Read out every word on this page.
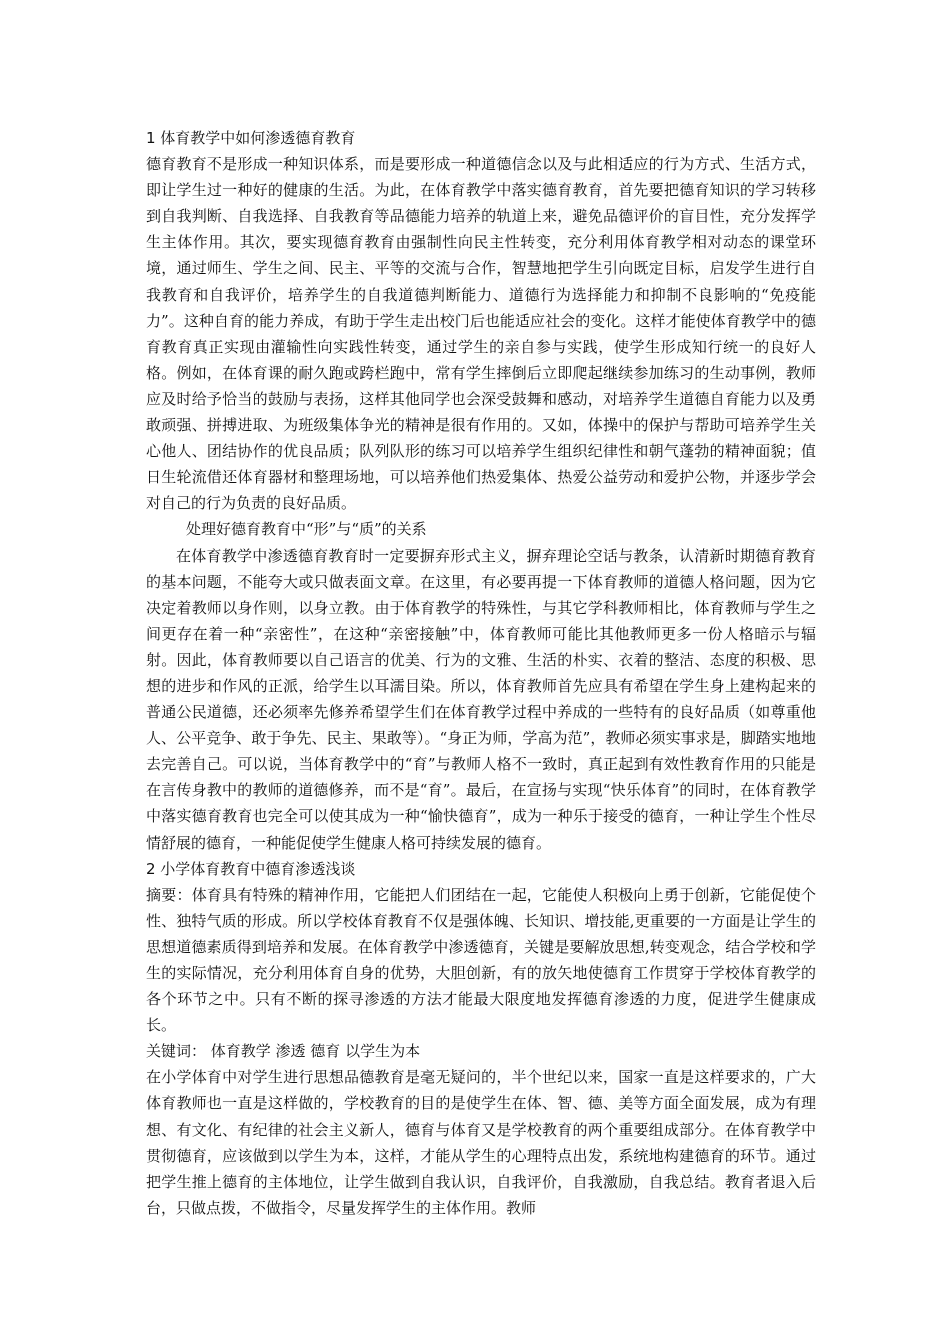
1 体育教学中如何渗透德育教育

德育教育不是形成一种知识体系，而是要形成一种道德信念以及与此相适应的行为方式、生活方式，即让学生过一种好的健康的生活。为此，在体育教学中落实德育教育，首先要把德育知识的学习转移到自我判断、自我选择、自我教育等品德能力培养的轨道上来，避免品德评价的盲目性，充分发挥学生主体作用。其次，要实现德育教育由强制性向民主性转变，充分利用体育教学相对动态的课堂环境，通过师生、学生之间、民主、平等的交流与合作，智慧地把学生引向既定目标，启发学生进行自我教育和自我评价，培养学生的自我道德判断能力、道德行为选择能力和抑制不良影响的“免疫能力”。这种自育的能力养成，有助于学生走出校门后也能适应社会的变化。这样才能使体育教学中的德育教育真正实现由灌输性向实践性转变，通过学生的亲自参与实践，使学生形成知行统一的良好人格。例如，在体育课的耐久跑或跨栏跑中，常有学生摔倒后立即爬起继续参加练习的生动事例，教师应及时给予恰当的鼓励与表扬，这样其他同学也会深受鼓舞和感动，对培养学生道德自育能力以及勇敢顽强、拼搏进取、为班级集体争光的精神是很有作用的。又如，体操中的保护与帮助可培养学生关心他人、团结协作的优良品质；队列队形的练习可以培养学生组织纪律性和朝气蓬勃的精神面貌；值日生轮流借还体育器材和整理场地，可以培养他们热爱集体、热爱公益劳动和爱护公物，并逐步学会对自己的行为负责的良好品质。

处理好德育教育中“形”与“质”的关系

在体育教学中渗透德育教育时一定要摒弃形式主义，摒弃理论空话与教条，认清新时期德育教育的基本问题，不能夸大或只做表面文章。在这里，有必要再提一下体育教师的道德人格问题，因为它决定着教师以身作则，以身立教。由于体育教学的特殊性，与其它学科教师相比，体育教师与学生之间更存在着一种“亲密性”，在这种“亲密接触”中，体育教师可能比其他教师更多一份人格暗示与辐射。因此，体育教师要以自己语言的优美、行为的文雅、生活的朴实、衣着的整洁、态度的积极、思想的进步和作风的正派，给学生以耳濡目染。所以，体育教师首先应具有希望在学生身上建构起来的普通公民道德，还必须率先修养希望学生们在体育教学过程中养成的一些特有的良好品质（如尊重他人、公平竞争、敢于争先、民主、果敢等）。“身正为师，学高为范”，教师必须实事求是，脚踏实地地去完善自己。可以说，当体育教学中的“育”与教师人格不一致时，真正起到有效性教育作用的只能是在言传身教中的教师的道德修养，而不是“育”。最后，在宣扬与实现“快乐体育”的同时，在体育教学中落实德育教育也完全可以使其成为一种“愉快德育”，成为一种乐于接受的德育，一种让学生个性尽情舒展的德育，一种能促使学生健康人格可持续发展的德育。

2 小学体育教育中德育渗透浅谈

摘要：体育具有特殊的精神作用，它能把人们团结在一起，它能使人积极向上勇于创新，它能促使个性、独特气质的形成。所以学校体育教育不仅是强体魄、长知识、增技能,更重要的一方面是让学生的思想道德素质得到培养和发展。在体育教学中渗透德育，关键是要解放思想,转变观念，结合学校和学生的实际情况，充分利用体育自身的优势，大胆创新，有的放矢地使德育工作贯穿于学校体育教学的各个环节之中。只有不断的探寻渗透的方法才能最大限度地发挥德育渗透的力度，促进学生健康成长。

关键词： 体育教学 渗透 德育 以学生为本

在小学体育中对学生进行思想品德教育是毫无疑问的，半个世纪以来，国家一直是这样要求的，广大体育教师也一直是这样做的，学校教育的目的是使学生在体、智、德、美等方面全面发展，成为有理想、有文化、有纪律的社会主义新人，德育与体育又是学校教育的两个重要组成部分。在体育教学中贯彻德育，应该做到以学生为本，这样，才能从学生的心理特点出发，系统地构建德育的环节。通过把学生推上德育的主体地位，让学生做到自我认识，自我评价，自我激励，自我总结。教育者退入后台，只做点拨，不做指令，尽量发挥学生的主体作用。教师
